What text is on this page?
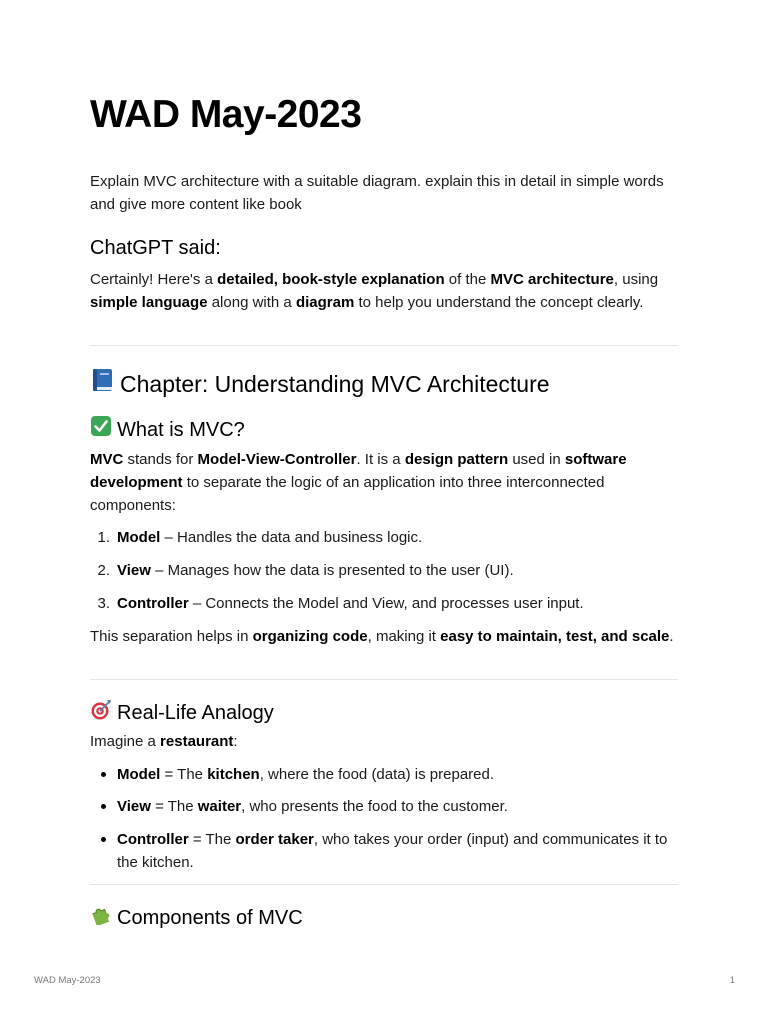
WAD May-2023

Explain MVC architecture with a suitable diagram. explain this in detail in simple words and give more content like book

ChatGPT said:

Certainly! Here's a detailed, book-style explanation of the MVC architecture, using simple language along with a diagram to help you understand the concept clearly.

Chapter: Understanding MVC Architecture
What is MVC?

MVC stands for Model-View-Controller. It is a design pattern used in software development to separate the logic of an application into three interconnected components:

1. Model – Handles the data and business logic.
2. View – Manages how the data is presented to the user (UI).
3. Controller – Connects the Model and View, and processes user input.

This separation helps in organizing code, making it easy to maintain, test, and scale.

Real-Life Analogy

Imagine a restaurant:

Model = The kitchen, where the food (data) is prepared.
View = The waiter, who presents the food to the customer.
Controller = The order taker, who takes your order (input) and communicates it to the kitchen.
Components of MVC
WAD May-2023	1
